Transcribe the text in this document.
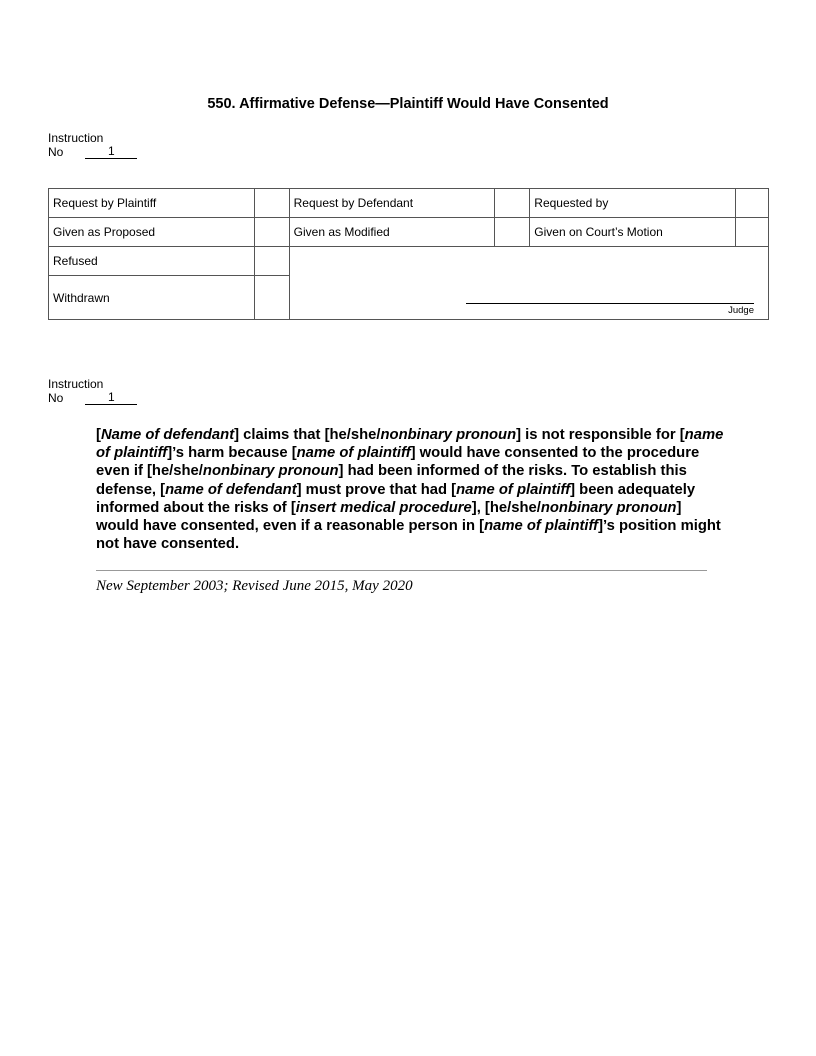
550. Affirmative Defense—Plaintiff Would Have Consented
Instruction
No	1
Request by Plaintiff		Request by Defendant		Requested by	
Given as Proposed		Given as Modified		Given on Court’s Motion	
Refused		Judge			

Withdrawn					
Instruction
No	1
[Name of defendant] claims that [he/she/nonbinary pronoun] is not responsible for [name of plaintiff]’s harm because [name of plaintiff] would have consented to the procedure even if [he/she/nonbinary pronoun] had been informed of the risks. To establish this defense, [name of defendant] must prove that had [name of plaintiff] been adequately informed about the risks of [insert medical procedure], [he/she/nonbinary pronoun] would have consented, even if a reasonable person in [name of plaintiff]’s position might not have consented.
New September 2003; Revised June 2015, May 2020
